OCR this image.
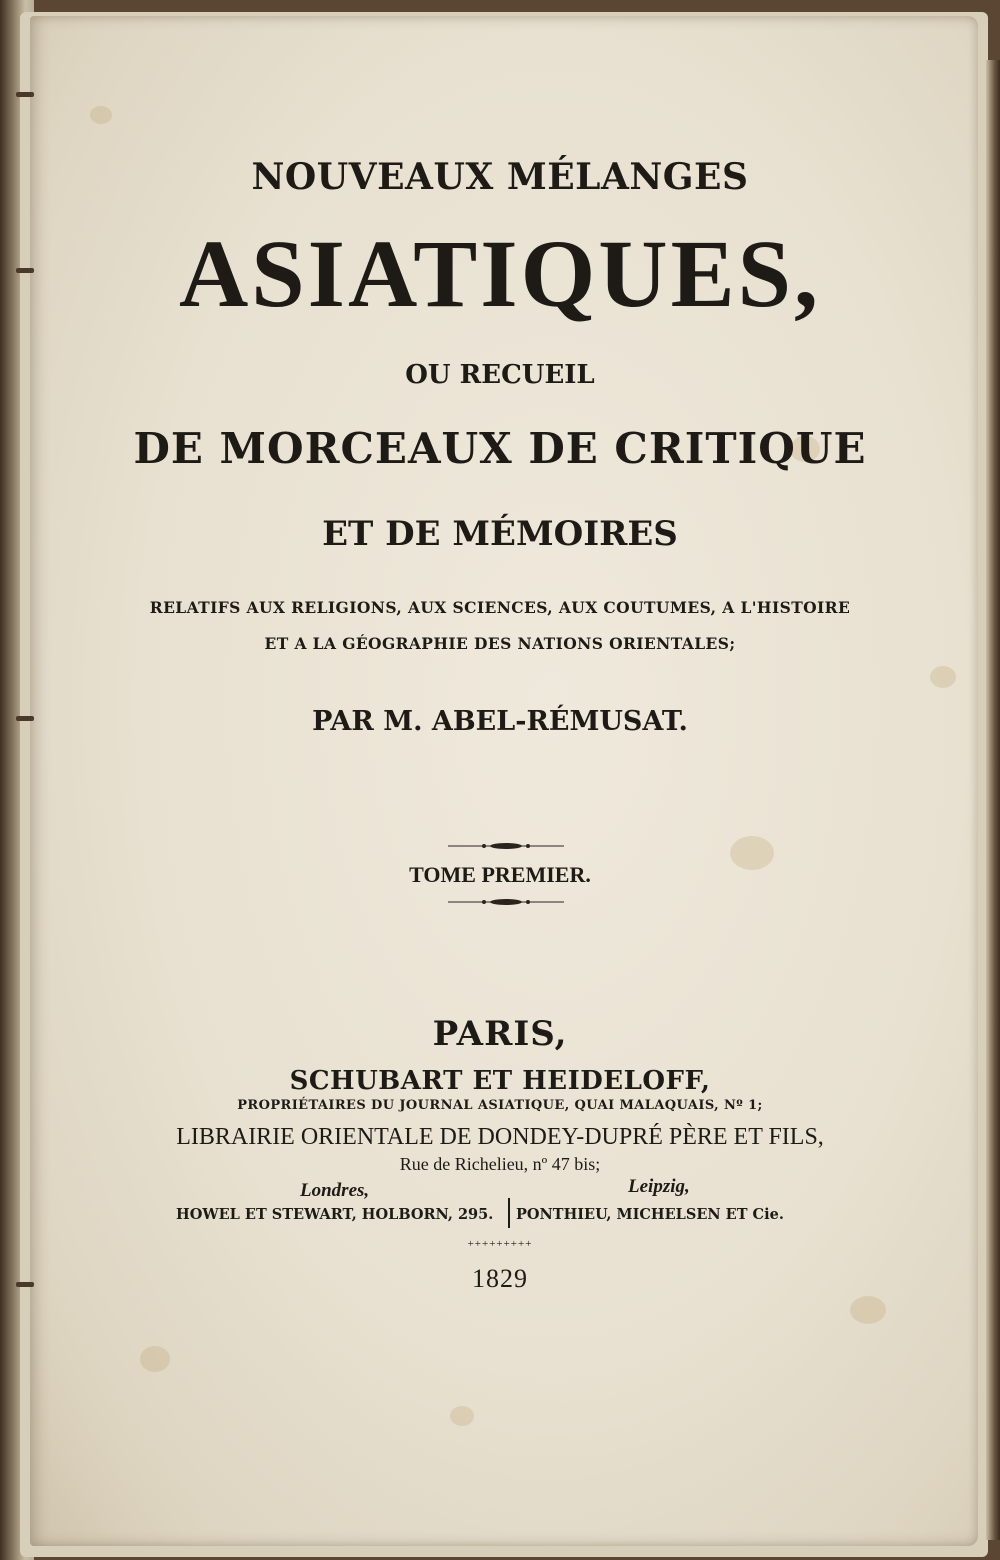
NOUVEAUX MÉLANGES
ASIATIQUES,
OU RECUEIL
DE MORCEAUX DE CRITIQUE
ET DE MÉMOIRES
RELATIFS AUX RELIGIONS, AUX SCIENCES, AUX COUTUMES, A L'HISTOIRE
ET A LA GÉOGRAPHIE DES NATIONS ORIENTALES;
PAR M. ABEL-RÉMUSAT.
TOME PREMIER.
PARIS,
SCHUBART ET HEIDELOFF,
PROPRIÉTAIRES DU JOURNAL ASIATIQUE, QUAI MALAQUAIS, Nº 1;
LIBRAIRIE ORIENTALE DE DONDEY-DUPRÉ PÈRE ET FILS,
Rue de Richelieu, nº 47 bis;
Londres,	Leipzig,
HOWEL ET STEWART, HOLBORN, 295. PONTHIEU, MICHELSEN ET Cie.
+++++++++
1829
